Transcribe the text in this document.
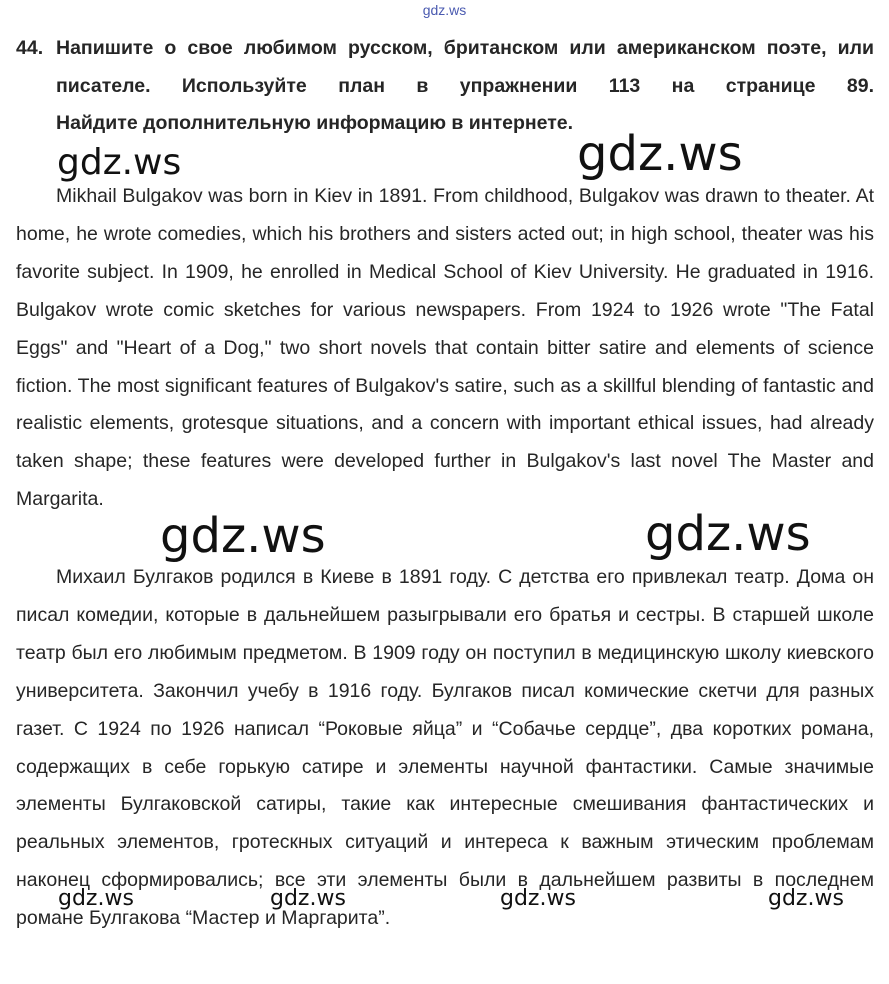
gdz.ws
44. Напишите о свое любимом русском, британском или американском поэте, или писателе. Используйте план в упражнении 113 на странице 89.
Найдите дополнительную информацию в интернете.
Mikhail Bulgakov was born in Kiev in 1891. From childhood, Bulgakov was drawn to theater. At home, he wrote comedies, which his brothers and sisters acted out; in high school, theater was his favorite subject. In 1909, he enrolled in Medical School of Kiev University. He graduated in 1916. Bulgakov wrote comic sketches for various newspapers. From 1924 to 1926 wrote "The Fatal Eggs" and "Heart of a Dog," two short novels that contain bitter satire and elements of science fiction. The most significant features of Bulgakov's satire, such as a skillful blending of fantastic and realistic elements, grotesque situations, and a concern with important ethical issues, had already taken shape; these features were developed further in Bulgakov's last novel The Master and Margarita.
Михаил Булгаков родился в Киеве в 1891 году. С детства его привлекал театр. Дома он писал комедии, которые в дальнейшем разыгрывали его братья и сестры. В старшей школе театр был его любимым предметом. В 1909 году он поступил в медицинскую школу киевского университета. Закончил учебу в 1916 году. Булгаков писал комические скетчи для разных газет. С 1924 по 1926 написал “Роковые яйца” и “Собачье сердце”, два коротких романа, содержащих в себе горькую сатире и элементы научной фантастики. Самые значимые элементы Булгаковской сатиры, такие как интересные смешивания фантастических и реальных элементов, гротескных ситуаций и интереса к важным этическим проблемам наконец сформировались; все эти элементы были в дальнейшем развиты в последнем романе Булгакова “Мастер и Маргарита”.
gdz.ws	gdz.ws
gdz.ws	gdz.ws
gdz.ws	gdz.ws	gdz.ws	gdz.ws
